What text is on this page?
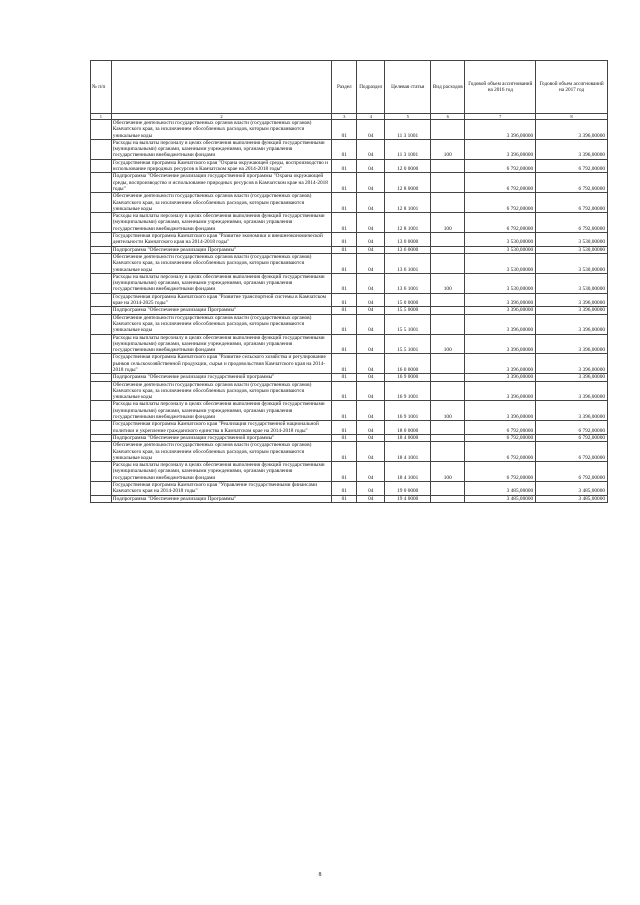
№ п/п		Раздел	Подраздел	Целевая статья	Вид расходов	Годовой объем ассигнований на 2016 год	Годовой объем ассигнований на 2017 год
1	2	3	4	5	6	7	8
	Обеспечение деятельности государственных органов власти (государственных органов) Камчатского края, за исключением обособленных расходов, которым присваиваются уникальные коды	01	04	11 3 1001		3 396,00000	3 396,00000
	Расходы на выплаты персоналу в целях обеспечения выполнения функций государственными (муниципальными) органами, казенными учреждениями, органами управления государственными внебюджетными фондами	01	04	11 3 1001	100	3 396,00000	3 396,00000
	Государственная программа Камчатского края "Охрана окружающей среды, воспроизводство и использование природных ресурсов в Камчатском крае на 2014-2018 годы"	01	04	12 0 0000		6 792,00000	6 792,00000
	Подпрограмма "Обеспечение реализации государственной программы "Охрана окружающей среды, воспроизводство и использование природных ресурсов в Камчатском крае на 2014-2018 годы"	01	04	12 8 0000		6 792,00000	6 792,00000
	Обеспечение деятельности государственных органов власти (государственных органов) Камчатского края, за исключением обособленных расходов, которым присваиваются уникальные коды	01	04	12 8 1001		6 792,00000	6 792,00000
	Расходы на выплаты персоналу в целях обеспечения выполнения функций государственными (муниципальными) органами, казенными учреждениями, органами управления государственными внебюджетными фондами	01	04	12 8 1001	100	6 792,00000	6 792,00000
	Государственная программа Камчатского края "Развитие экономики и внешнеэкономической деятельности Камчатского края на 2014-2018 годы"	01	04	13 0 0000		3 530,00000	3 530,00000
	Подпрограмма "Обеспечение реализации Программы"	01	04	13 6 0000		3 530,00000	3 530,00000
	Обеспечение деятельности государственных органов власти (государственных органов) Камчатского края, за исключением обособленных расходов, которым присваиваются уникальные коды	01	04	13 6 1001		3 530,00000	3 530,00000
	Расходы на выплаты персоналу в целях обеспечения выполнения функций государственными (муниципальными) органами, казенными учреждениями, органами управления государственными внебюджетными фондами	01	04	13 6 1001	100	3 530,00000	3 530,00000
	Государственная программа Камчатского края "Развитие транспортной системы в Камчатском крае на 2014-2025 годы"	01	04	15 0 0000		3 396,00000	3 396,00000
	Подпрограмма "Обеспечение реализации Программы"	01	04	15 5 0000		3 396,00000	3 396,00000
	Обеспечение деятельности государственных органов власти (государственных органов) Камчатского края, за исключением обособленных расходов, которым присваиваются уникальные коды	01	04	15 5 1001		3 396,00000	3 396,00000
	Расходы на выплаты персоналу в целях обеспечения выполнения функций государственными (муниципальными) органами, казенными учреждениями, органами управления государственными внебюджетными фондами	01	04	15 5 1001	100	3 396,00000	3 396,00000
	Государственная программа Камчатского края "Развитие сельского хозяйства и регулирование рынков сельскохозяйственной продукции, сырья и продовольствия Камчатского края на 2014-2018 годы"	01	04	16 0 0000		3 396,00000	3 396,00000
	Подпрограмма "Обеспечение реализации государственной программы"	01	04	16 9 0000		3 396,00000	3 396,00000
	Обеспечение деятельности государственных органов власти (государственных органов) Камчатского края, за исключением обособленных расходов, которым присваиваются уникальные коды	01	04	16 9 1001		3 396,00000	3 396,00000
	Расходы на выплаты персоналу в целях обеспечения выполнения функций государственными (муниципальными) органами, казенными учреждениями, органами управления государственными внебюджетными фондами	01	04	16 9 1001	100	3 396,00000	3 396,00000
	Государственная программа Камчатского края "Реализация государственной национальной политики и укрепление гражданского единства в Камчатском крае на 2014-2018 годы"	01	04	18 0 0000		6 792,00000	6 792,00000
	Подпрограмма "Обеспечение реализации государственной программы"	01	04	18 4 0000		6 792,00000	6 792,00000
	Обеспечение деятельности государственных органов власти (государственных органов) Камчатского края, за исключением обособленных расходов, которым присваиваются уникальные коды	01	04	18 4 1001		6 792,00000	6 792,00000
	Расходы на выплаты персоналу в целях обеспечения выполнения функций государственными (муниципальными) органами, казенными учреждениями, органами управления государственными внебюджетными фондами	01	04	18 4 1001	100	6 792,00000	6 792,00000
	Государственная программа Камчатского края "Управление государственными финансами Камчатского края на 2014-2018 годы"	01	04	19 0 0000		3 485,00000	3 485,00000
	Подпрограмма "Обеспечение реализации Программы"	01	04	19 4 0000		3 485,00000	3 485,00000
8
